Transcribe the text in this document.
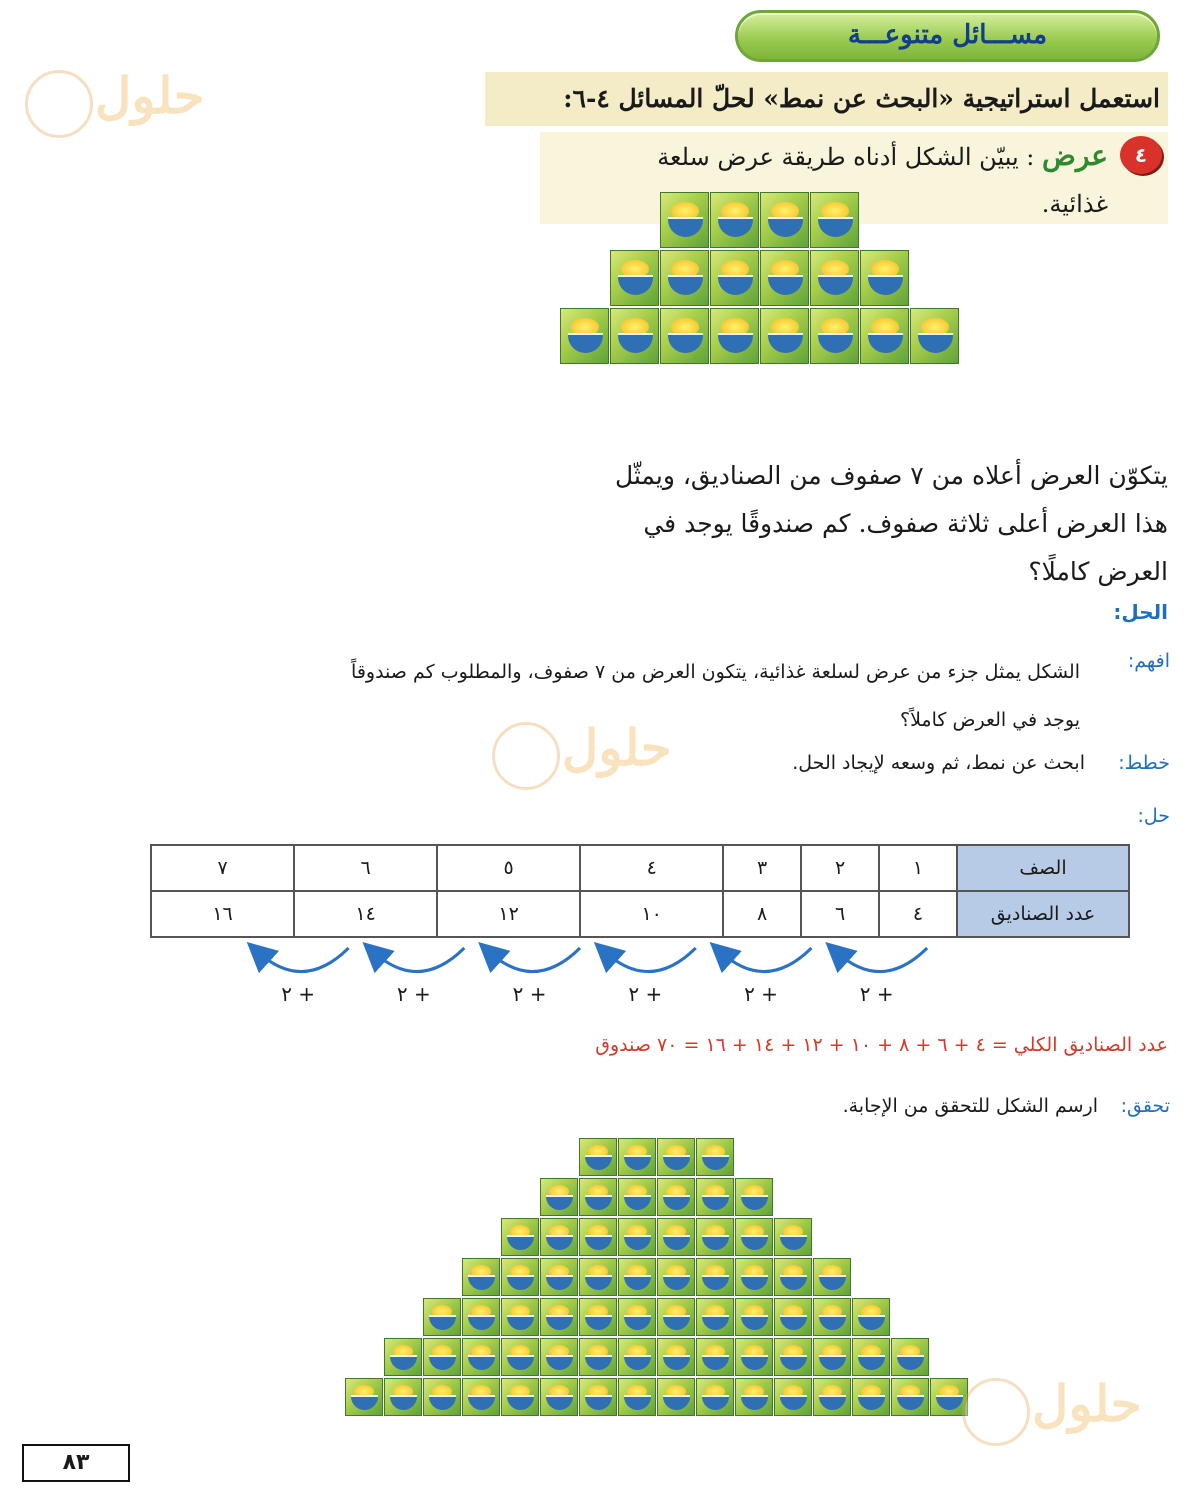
مســـائل متنوعـــة
استعمل استراتيجية «البحث عن نمط» لحلّ المسائل ٤-٦:
٤
عرض : يبيّن الشكل أدناه طريقة عرض سلعة
غذائية.
يتكوّن العرض أعلاه من ٧ صفوف من الصناديق، ويمثّل
هذا العرض أعلى ثلاثة صفوف. كم صندوقًا يوجد في
العرض كاملًا؟
الحل:
افهم:
الشكل يمثل جزء من عرض لسلعة غذائية، يتكون العرض من ٧ صفوف، والمطلوب كم صندوقاً
يوجد في العرض كاملاً؟
خطط:
ابحث عن نمط، ثم وسعه لإيجاد الحل.
حل:
الصف	١	٢	٣	٤	٥	٦	٧
عدد الصناديق	٤	٦	٨	١٠	١٢	١٤	١٦
+ ٢
+ ٢
+ ٢
+ ٢
+ ٢
+ ٢
عدد الصناديق الكلي = ٤ + ٦ + ٨ + ١٠ + ١٢ + ١٤ + ١٦ = ٧٠ صندوق
تحقق:
ارسم الشكل للتحقق من الإجابة.
٨٣
حلول
حلول
حلول
